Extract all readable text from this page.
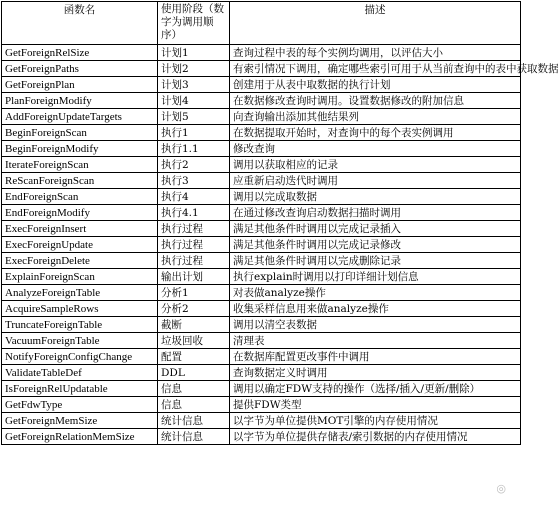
函数名	使用阶段（数字为调用顺序）	描述
GetForeignRelSize	计划1	查询过程中表的每个实例均调用，以评估大小
GetForeignPaths	计划2	有索引情况下调用，确定哪些索引可用于从当前查询中的表中获取数据
GetForeignPlan	计划3	创建用于从表中取数据的执行计划
PlanForeignModify	计划4	在数据修改查询时调用。设置数据修改的附加信息
AddForeignUpdateTargets	计划5	向查询输出添加其他结果列
BeginForeignScan	执行1	在数据提取开始时，对查询中的每个表实例调用
BeginForeignModify	执行1.1	修改查询
IterateForeignScan	执行2	调用以获取相应的记录
ReScanForeignScan	执行3	应重新启动迭代时调用
EndForeignScan	执行4	调用以完成取数据
EndForeignModify	执行4.1	在通过修改查询启动数据扫描时调用
ExecForeignInsert	执行过程	满足其他条件时调用以完成记录插入
ExecForeignUpdate	执行过程	满足其他条件时调用以完成记录修改
ExecForeignDelete	执行过程	满足其他条件时调用以完成删除记录
ExplainForeignScan	输出计划	执行explain时调用以打印详细计划信息
AnalyzeForeignTable	分析1	对表做analyze操作
AcquireSampleRows	分析2	收集采样信息用来做analyze操作
TruncateForeignTable	截断	调用以清空表数据
VacuumForeignTable	垃圾回收	清理表
NotifyForeignConfigChange	配置	在数据库配置更改事件中调用
ValidateTableDef	DDL	查询数据定义时调用
IsForeignRelUpdatable	信息	调用以确定FDW支持的操作（选择/插入/更新/删除）
GetFdwType	信息	提供FDW类型
GetForeignMemSize	统计信息	以字节为单位提供MOT引擎的内存使用情况
GetForeignRelationMemSize	统计信息	以字节为单位提供存储表/索引数据的内存使用情况
◎
